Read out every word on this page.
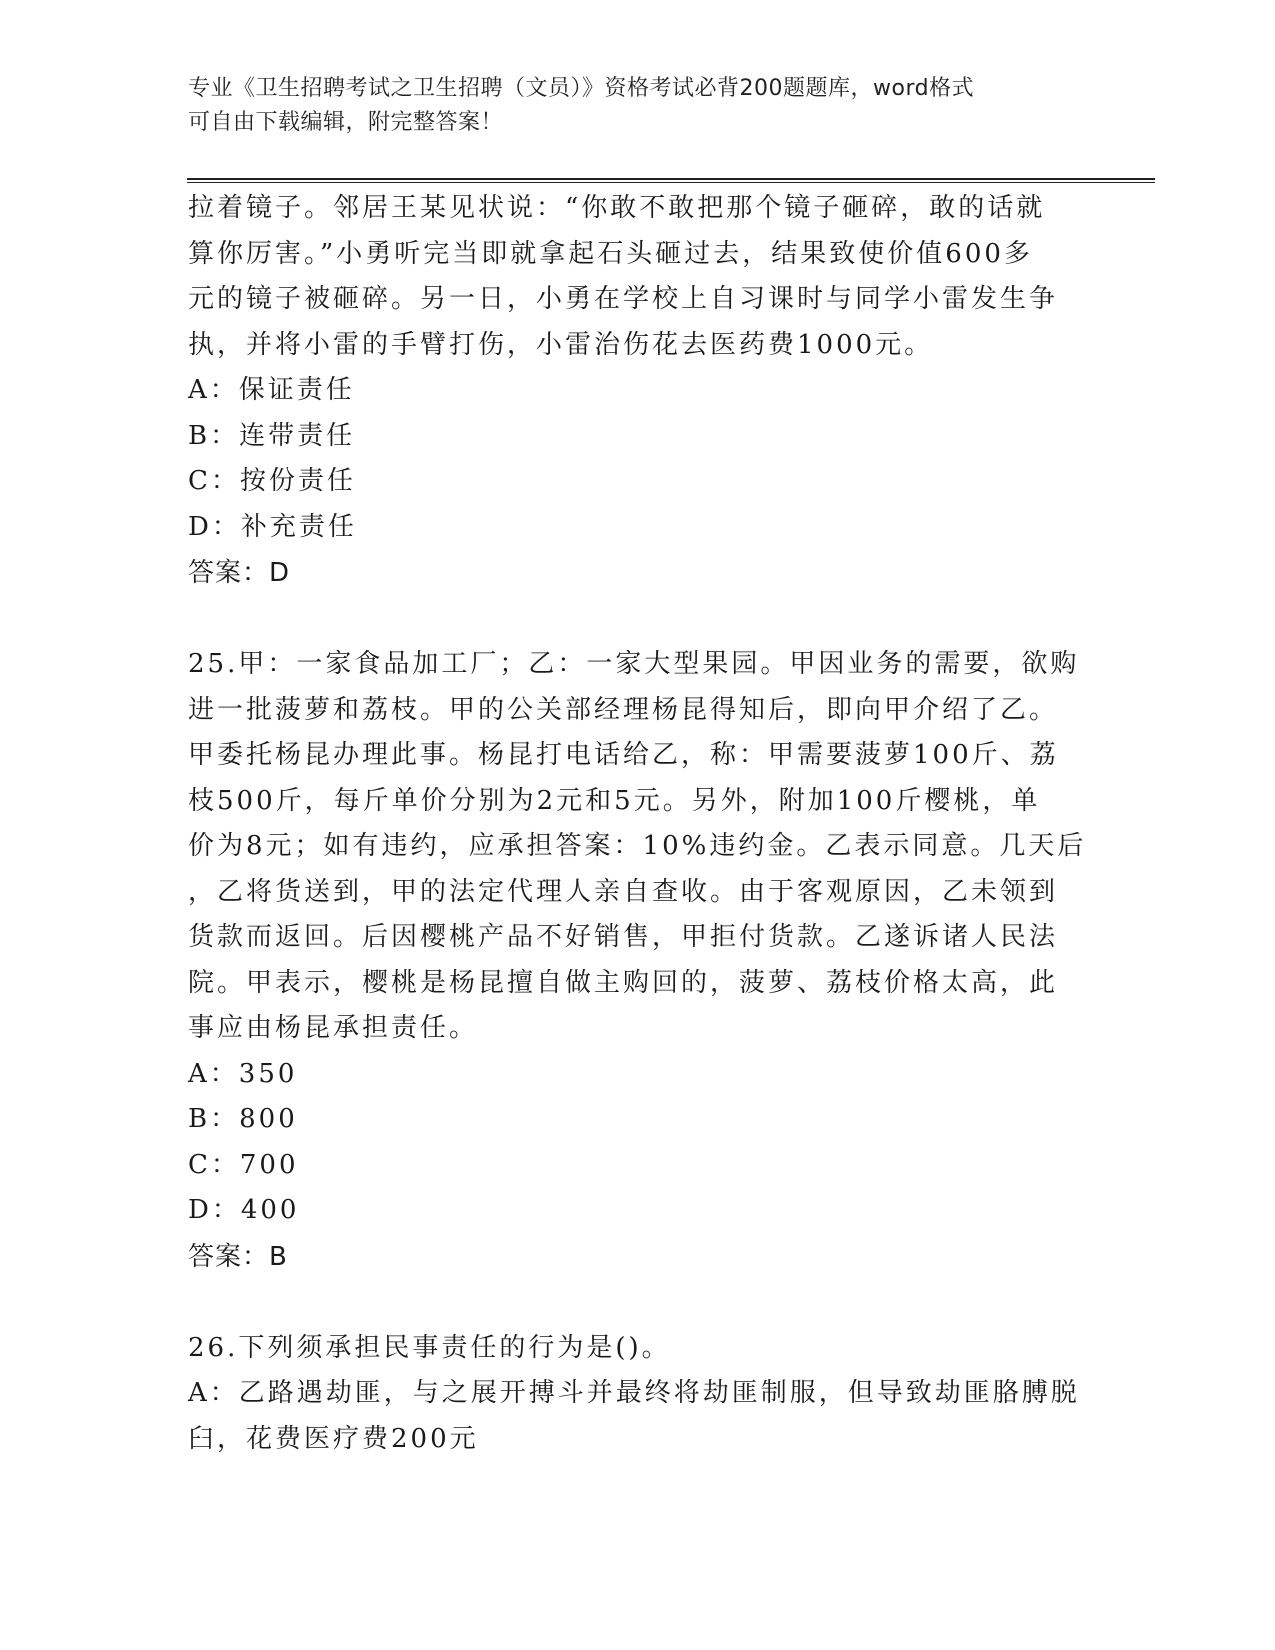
专业《卫生招聘考试之卫生招聘（文员）》资格考试必背200题题库，word格式
可自由下载编辑，附完整答案！

拉着镜子。邻居王某见状说：“你敢不敢把那个镜子砸碎，敢的话就

算你厉害。”小勇听完当即就拿起石头砸过去，结果致使价值600多

元的镜子被砸碎。另一日，小勇在学校上自习课时与同学小雷发生争

执，并将小雷的手臂打伤，小雷治伤花去医药费1000元。

A：保证责任

B：连带责任

C：按份责任

D：补充责任

答案：D

25.甲：一家食品加工厂；乙：一家大型果园。甲因业务的需要，欲购

进一批菠萝和荔枝。甲的公关部经理杨昆得知后，即向甲介绍了乙。

甲委托杨昆办理此事。杨昆打电话给乙，称：甲需要菠萝100斤、荔

枝500斤，每斤单价分别为2元和5元。另外，附加100斤樱桃，单

价为8元；如有违约，应承担答案：10%违约金。乙表示同意。几天后

，乙将货送到，甲的法定代理人亲自查收。由于客观原因，乙未领到

货款而返回。后因樱桃产品不好销售，甲拒付货款。乙遂诉诸人民法

院。甲表示，樱桃是杨昆擅自做主购回的，菠萝、荔枝价格太高，此

事应由杨昆承担责任。

A：350

B：800

C：700

D：400

答案：B

26.下列须承担民事责任的行为是()。

A：乙路遇劫匪，与之展开搏斗并最终将劫匪制服，但导致劫匪胳膊脱

臼，花费医疗费200元
